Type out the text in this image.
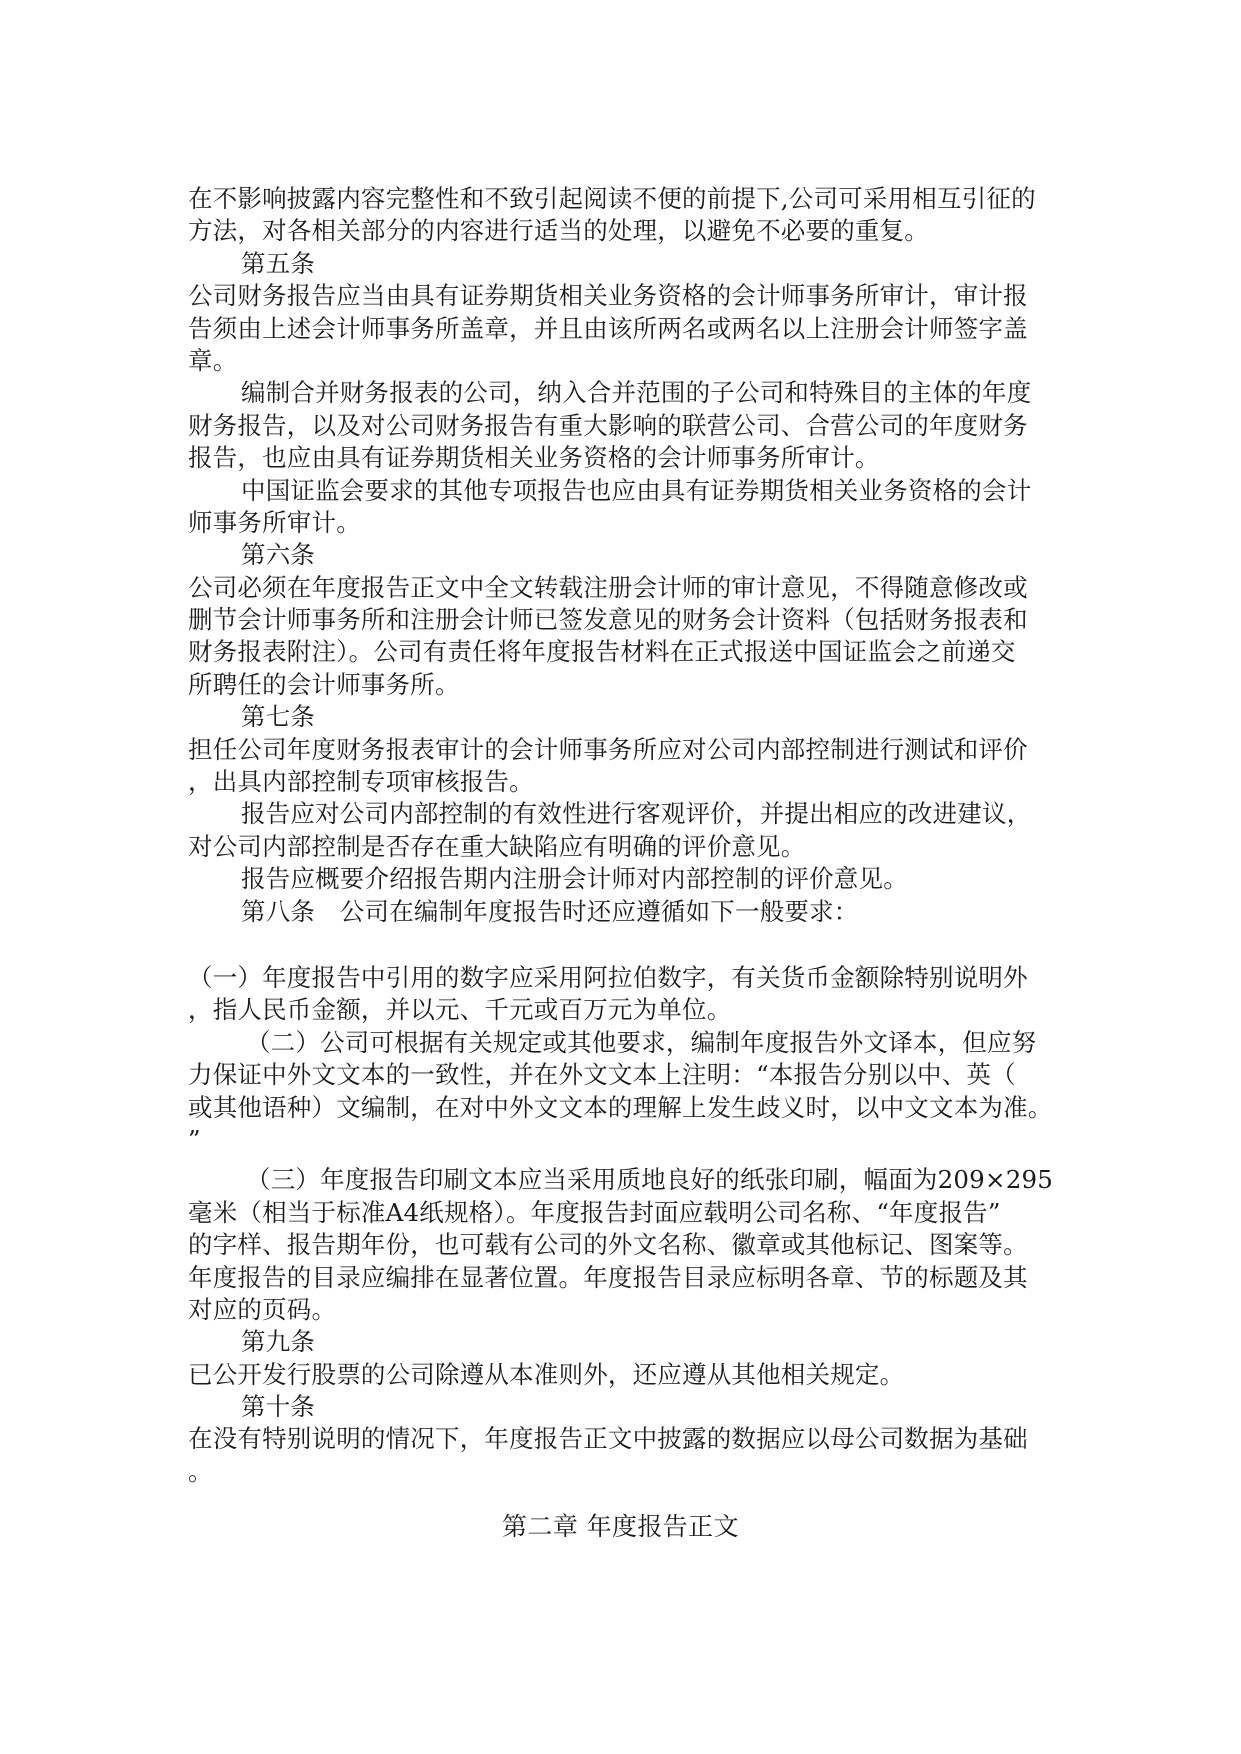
在不影响披露内容完整性和不致引起阅读不便的前提下,公司可采用相互引征的
方法，对各相关部分的内容进行适当的处理，以避免不必要的重复。
第五条
公司财务报告应当由具有证券期货相关业务资格的会计师事务所审计，审计报
告须由上述会计师事务所盖章，并且由该所两名或两名以上注册会计师签字盖
章。
编制合并财务报表的公司，纳入合并范围的子公司和特殊目的主体的年度
财务报告，以及对公司财务报告有重大影响的联营公司、合营公司的年度财务
报告，也应由具有证券期货相关业务资格的会计师事务所审计。
中国证监会要求的其他专项报告也应由具有证券期货相关业务资格的会计
师事务所审计。
第六条
公司必须在年度报告正文中全文转载注册会计师的审计意见，不得随意修改或
删节会计师事务所和注册会计师已签发意见的财务会计资料（包括财务报表和
财务报表附注）。公司有责任将年度报告材料在正式报送中国证监会之前递交
所聘任的会计师事务所。
第七条
担任公司年度财务报表审计的会计师事务所应对公司内部控制进行测试和评价
，出具内部控制专项审核报告。
报告应对公司内部控制的有效性进行客观评价，并提出相应的改进建议，
对公司内部控制是否存在重大缺陷应有明确的评价意见。
报告应概要介绍报告期内注册会计师对内部控制的评价意见。
第八条　公司在编制年度报告时还应遵循如下一般要求：
（一）年度报告中引用的数字应采用阿拉伯数字，有关货币金额除特别说明外
，指人民币金额，并以元、千元或百万元为单位。
（二）公司可根据有关规定或其他要求，编制年度报告外文译本，但应努
力保证中外文文本的一致性，并在外文文本上注明：“本报告分别以中、英（
或其他语种）文编制，在对中外文文本的理解上发生歧义时，以中文文本为准。
”
（三）年度报告印刷文本应当采用质地良好的纸张印刷，幅面为209×295
毫米（相当于标准A4纸规格）。年度报告封面应载明公司名称、“年度报告”
的字样、报告期年份，也可载有公司的外文名称、徽章或其他标记、图案等。
年度报告的目录应编排在显著位置。年度报告目录应标明各章、节的标题及其
对应的页码。
第九条
已公开发行股票的公司除遵从本准则外，还应遵从其他相关规定。
第十条
在没有特别说明的情况下，年度报告正文中披露的数据应以母公司数据为基础
。
第二章 年度报告正文
